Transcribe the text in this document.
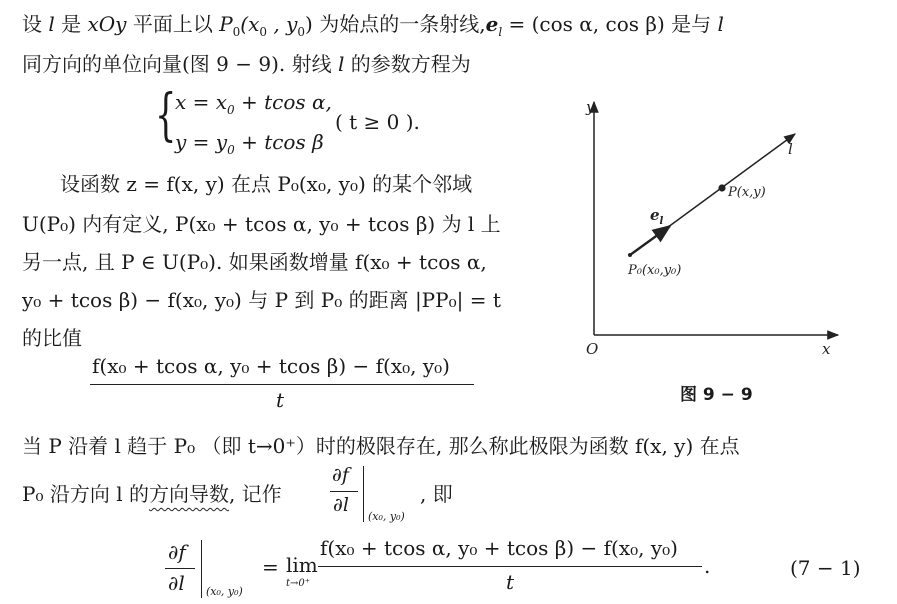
设 l 是 xOy 平面上以 $P_0(x_0$ , $y_0$) 为始点的一条射线$,e_l = (\cos$ α, cos β) 是与 l
同方向的单位向量(图 9 − 9). 射线 l 的参数方程为
{
$x = x_0 + tcos$ α,
$y = y_0 + tcos$ β
( t ≥ 0 ).
设函数 z = f(x, y) 在点 P₀(x₀, y₀) 的某个邻域
U(P₀) 内有定义, P(x₀ + tcos α, y₀ + tcos β) 为 l 上
另一点, 且 P ∈ U(P₀). 如果函数增量 f(x₀ + tcos α,
y₀ + tcos β) − f(x₀, y₀) 与 P 到 P₀ 的距离 |PP₀| = t
的比值
f(x₀ + tcos α, y₀ + tcos β) − f(x₀, y₀)
t
当 P 沿着 l 趋于 P₀ （即 t→0⁺）时的极限存在, 那么称此极限为函数 f(x, y) 在点
P₀ 沿方向 l 的方向导数, 记作
∂f
∂l
(x₀, y₀)
, 即
∂f
∂l (x₀, y₀)
= lim
t→0⁺
f(x₀ + tcos α, y₀ + tcos β) − f(x₀, y₀)
t
.	(7 − 1)
y
x
O
l
P(x,y)
$e_l$
P₀(x₀,y₀)
图 9 − 9
